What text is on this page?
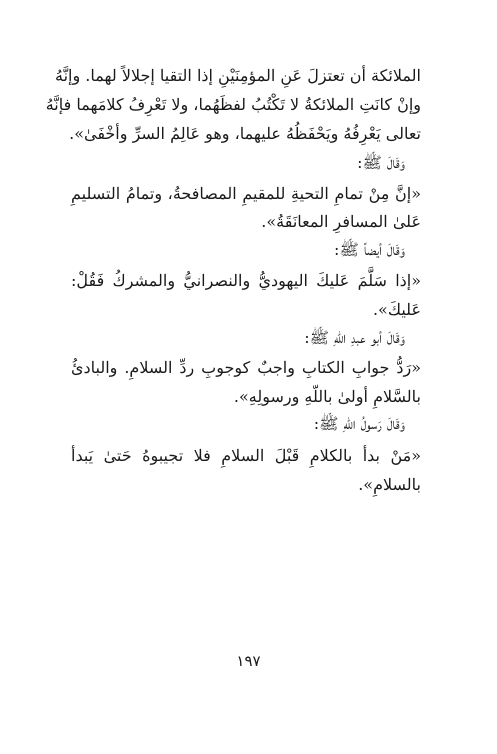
الملائكة أن تعتزلَ عَنِ المؤمِنَيْنِ إذا التقيا إجلالاً لهما. وإنَّهُ
وإنْ كانَتِ الملائكةُ لا تَكْتُبُ لفظَهُما، ولا تَعْرِفُ كلامَهما فإنَّهُ
تعالى يَعْرِفُهُ ويَحْفَظُهُ عليهما، وهو عَالِمُ السرِّ وأخْفَىٰ».
وَقَالَ ﷺ:
«إنَّ مِنْ تمامِ التحيةِ للمقيمِ المصافحةُ، وتمامُ التسليمِ
عَلىٰ المسافرِ المعانَقَةُ».
وَقَالَ أيضاً ﷺ:
«إذا سَلَّمَ عَليكَ اليهوديُّ والنصرانيُّ والمشركُ فَقُلْ:
عَليكَ».
وَقَالَ أبو عبدِ اللّهِ ﷺ:
«رَدُّ جوابِ الكتابِ واجبٌ كوجوبِ ردِّ السلامِ. والبادئُ
بالسَّلامِ أولىٰ باللّهِ ورسولِهِ».
وَقَالَ رَسولُ اللّهِ ﷺ:
«مَنْ بدأ بالكلامِ قَبْلَ السلامِ فلا تجيبوهُ حَتىٰ يَبدأ
بالسلامِ».
١٩٧
